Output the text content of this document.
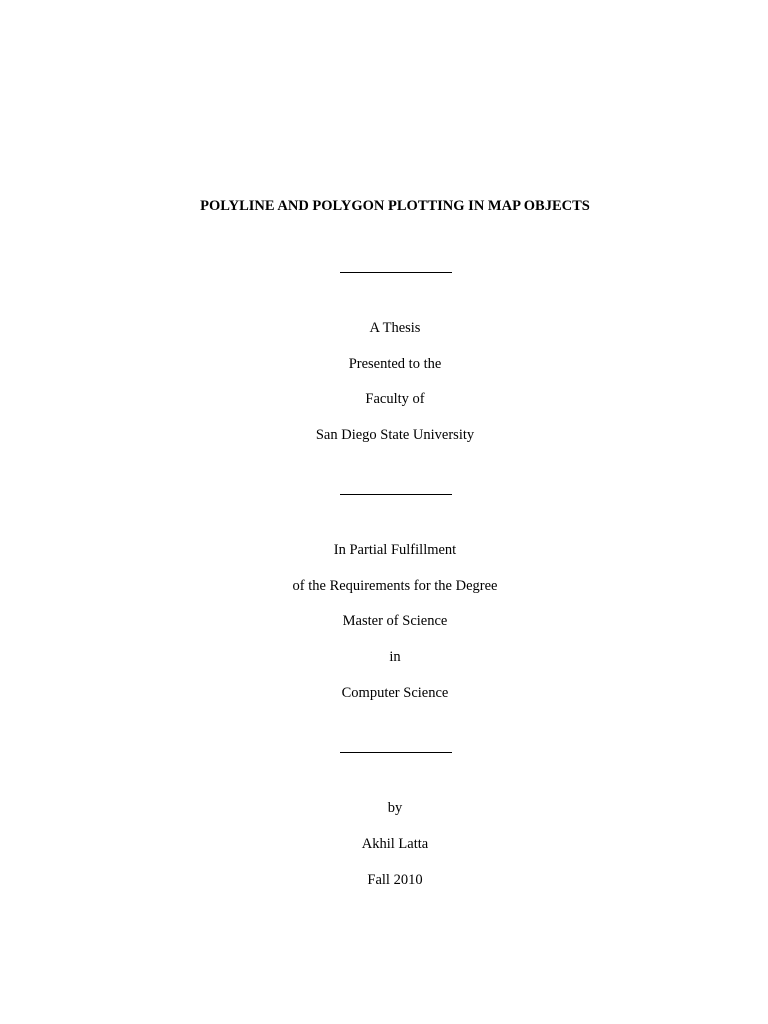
POLYLINE AND POLYGON PLOTTING IN MAP OBJECTS
A Thesis
Presented to the
Faculty of
San Diego State University
In Partial Fulfillment
of the Requirements for the Degree
Master of Science
in
Computer Science
by
Akhil Latta
Fall 2010
